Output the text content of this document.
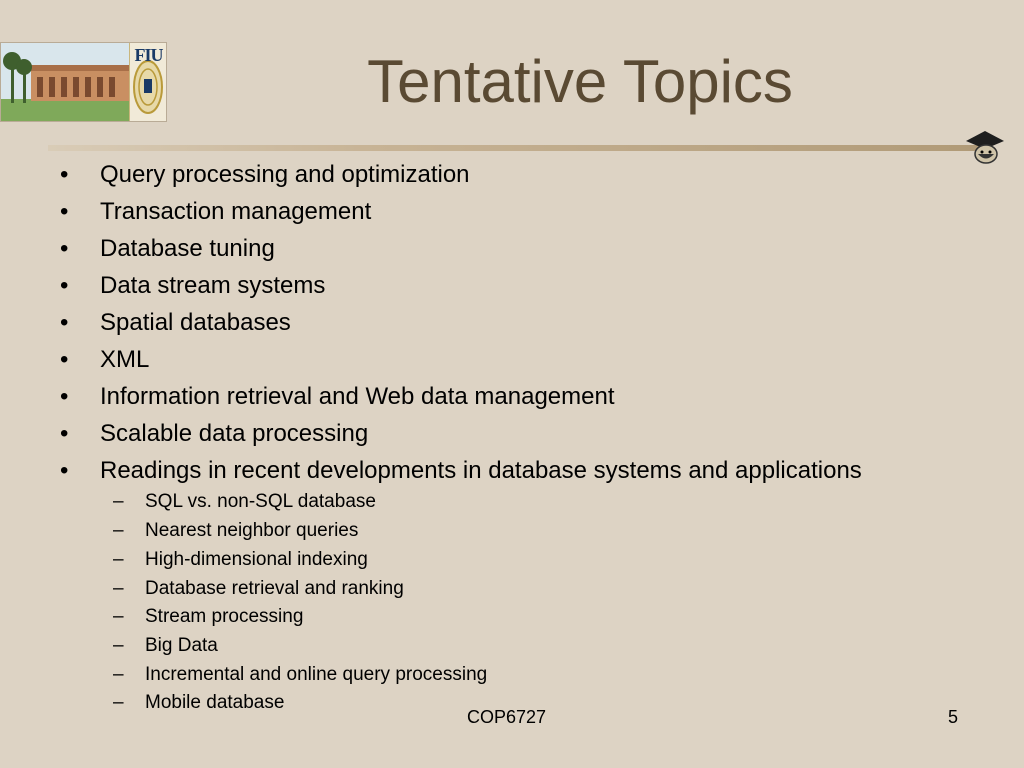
FIU	Tentative Topics
• Query processing and optimization
• Transaction management
• Database tuning
• Data stream systems
• Spatial databases
• XML
• Information retrieval and Web data management
• Scalable data processing
• Readings in recent developments in database systems and applications
– SQL vs. non-SQL database
– Nearest neighbor queries
– High-dimensional indexing
– Database retrieval and ranking
– Stream processing
– Big Data
– Incremental and online query processing
– Mobile database
COP6727	5
